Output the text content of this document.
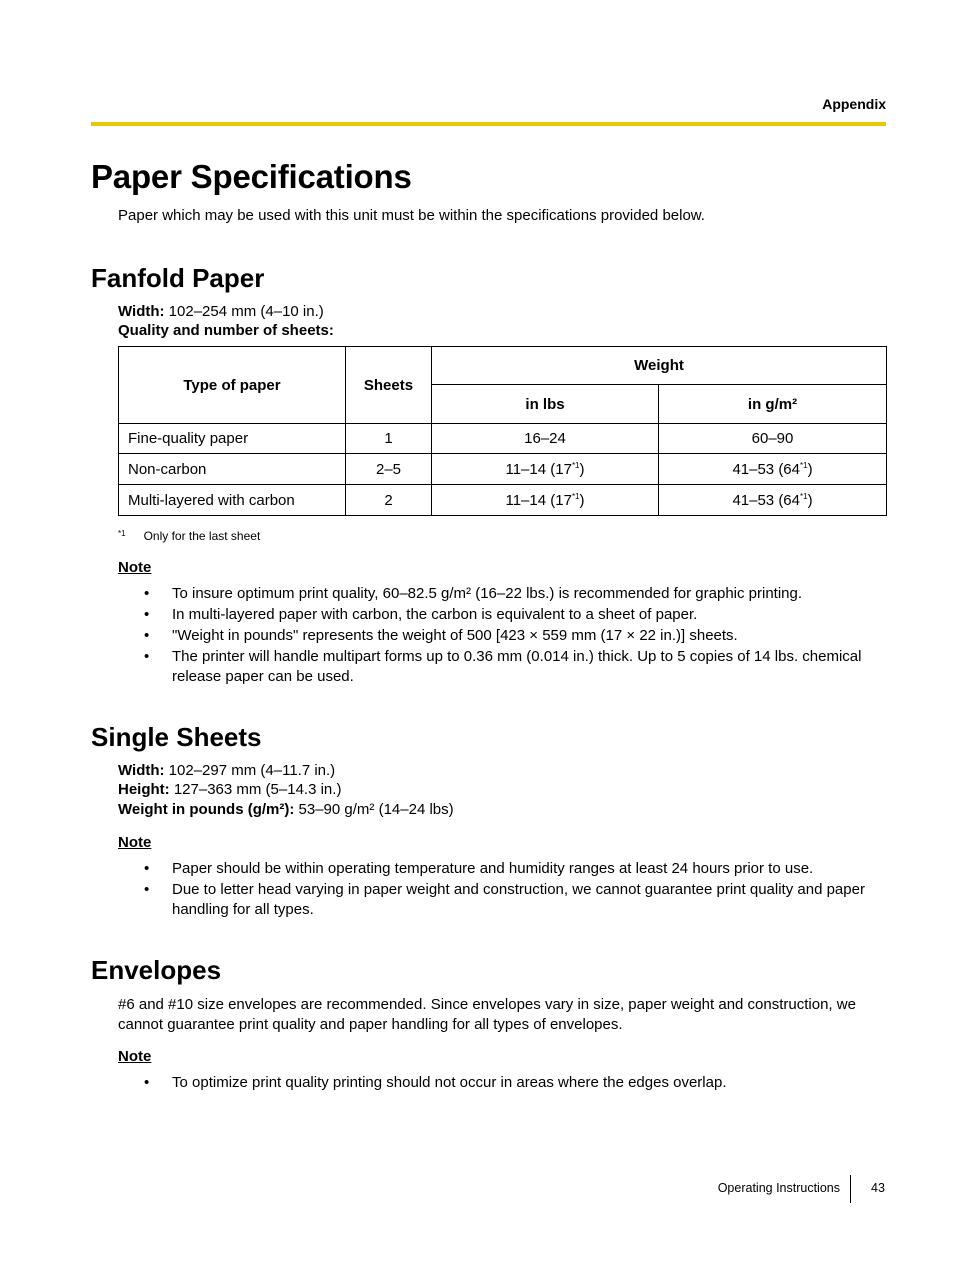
Appendix
Paper Specifications
Paper which may be used with this unit must be within the specifications provided below.
Fanfold Paper
Width: 102–254 mm (4–10 in.)
Quality and number of sheets:
Type of paper	Sheets	Weight	
		in lbs	in g/m²
Fine-quality paper	1	16–24	60–90
Non-carbon	2–5	11–14 (17$^{*1}$)	41–53 (64$^{*1}$)
Multi-layered with carbon	2	11–14 (17$^{*1}$)	41–53 (64$^{*1}$)
$^{*1}$ Only for the last sheet
Note
• To insure optimum print quality, 60–82.5 g/m² (16–22 lbs.) is recommended for graphic printing.
• In multi-layered paper with carbon, the carbon is equivalent to a sheet of paper.
• "Weight in pounds" represents the weight of 500 [423 × 559 mm (17 × 22 in.)] sheets.
• The printer will handle multipart forms up to 0.36 mm (0.014 in.) thick. Up to 5 copies of 14 lbs. chemical release paper can be used.
Single Sheets
Width: 102–297 mm (4–11.7 in.)
Height: 127–363 mm (5–14.3 in.)
Weight in pounds (g/m²): 53–90 g/m² (14–24 lbs)
Note
• Paper should be within operating temperature and humidity ranges at least 24 hours prior to use.
• Due to letter head varying in paper weight and construction, we cannot guarantee print quality and paper handling for all types.
Envelopes
#6 and #10 size envelopes are recommended. Since envelopes vary in size, paper weight and construction, we cannot guarantee print quality and paper handling for all types of envelopes.
Note
• To optimize print quality printing should not occur in areas where the edges overlap.
Operating Instructions 43
